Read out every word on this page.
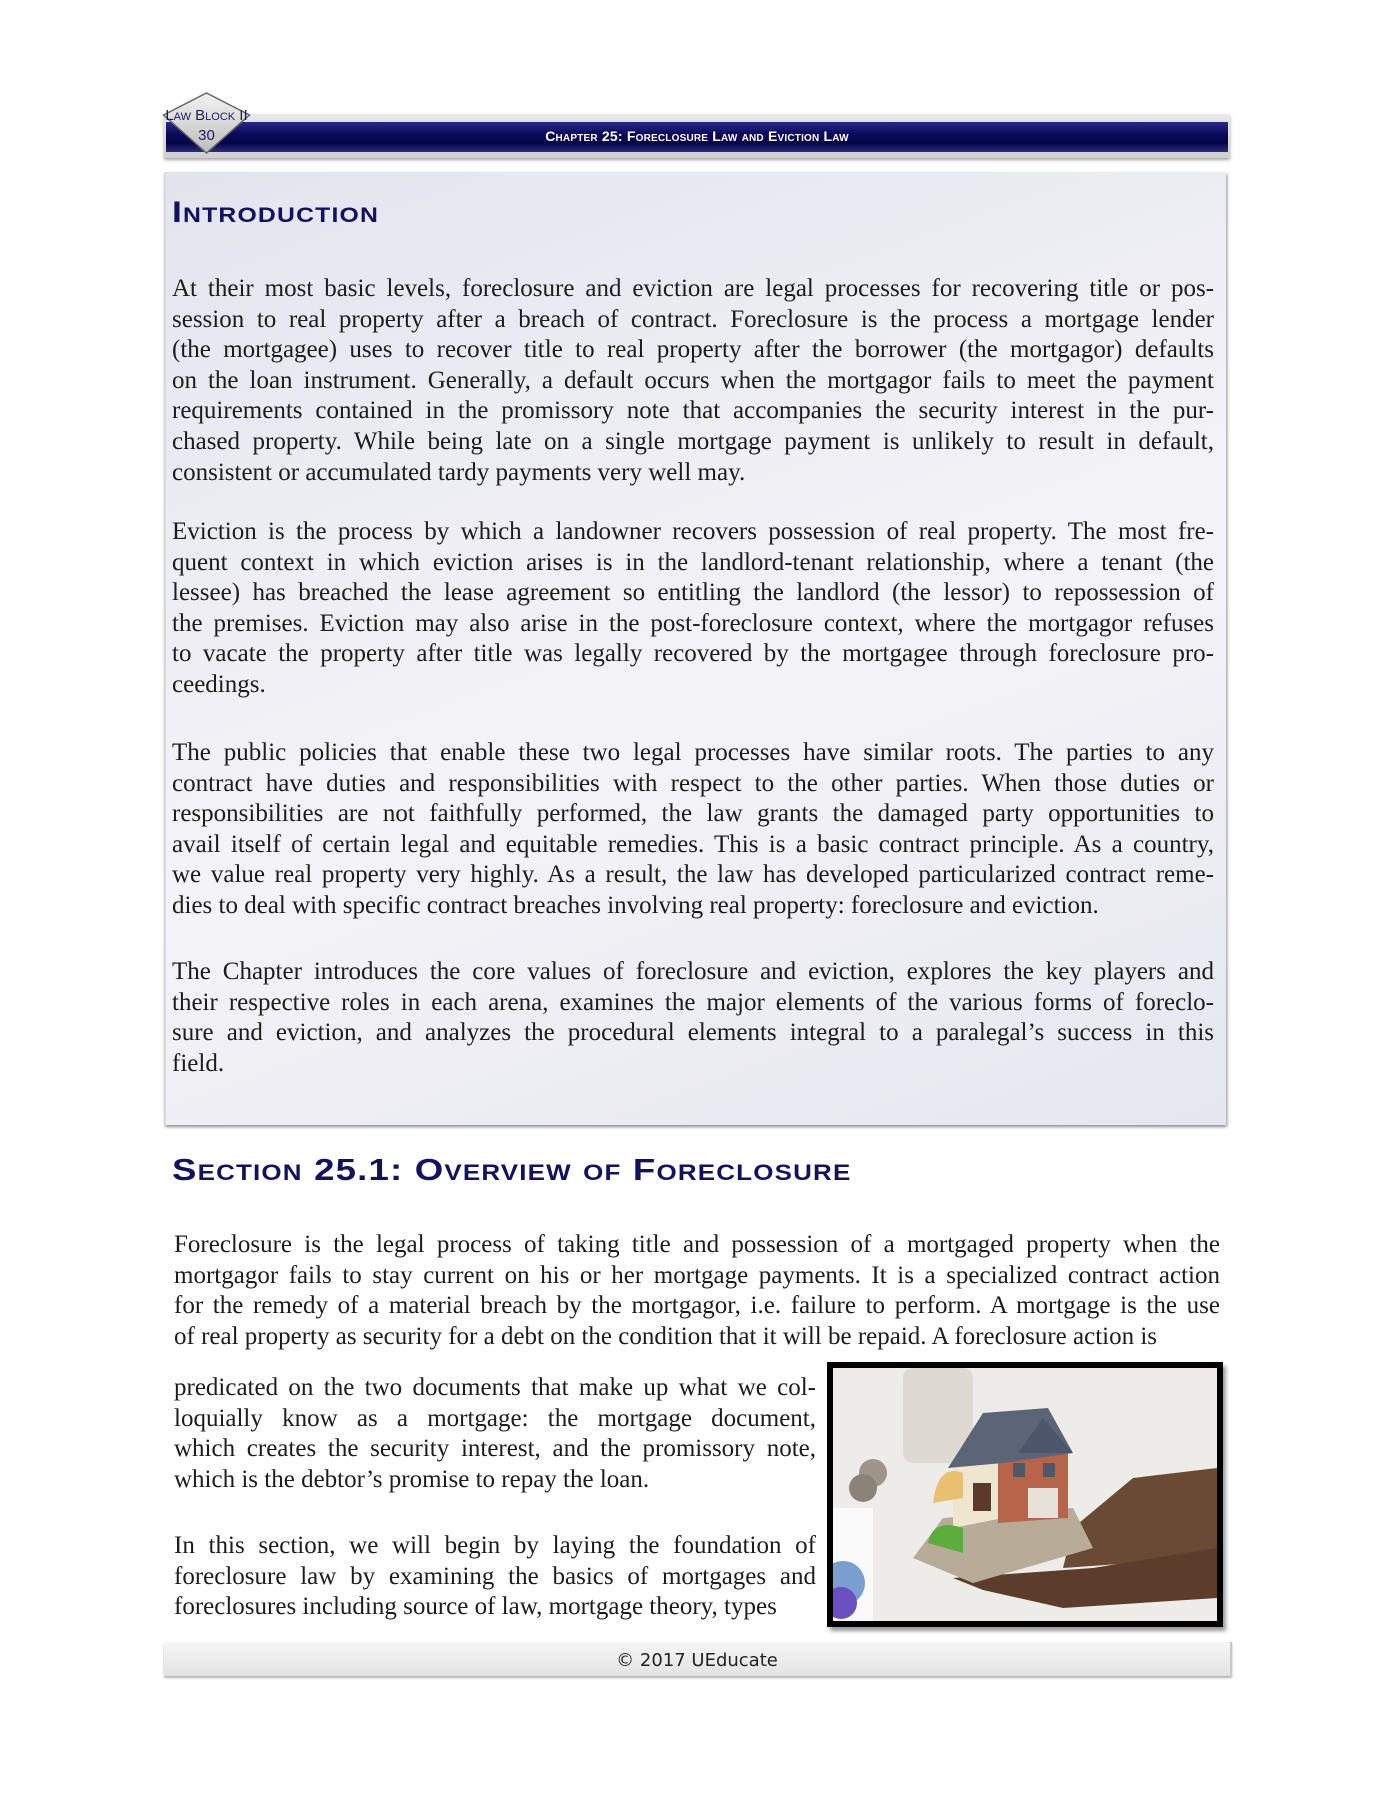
Chapter 25: Foreclosure Law and Eviction Law
Law Block II
30
Introduction
At their most basic levels, foreclosure and eviction are legal processes for recovering title or pos-
session to real property after a breach of contract. Foreclosure is the process a mortgage lender
(the mortgagee) uses to recover title to real property after the borrower (the mortgagor) defaults
on the loan instrument. Generally, a default occurs when the mortgagor fails to meet the payment
requirements contained in the promissory note that accompanies the security interest in the pur-
chased property. While being late on a single mortgage payment is unlikely to result in default,
consistent or accumulated tardy payments very well may.
Eviction is the process by which a landowner recovers possession of real property. The most fre-
quent context in which eviction arises is in the landlord-tenant relationship, where a tenant (the
lessee) has breached the lease agreement so entitling the landlord (the lessor) to repossession of
the premises. Eviction may also arise in the post-foreclosure context, where the mortgagor refuses
to vacate the property after title was legally recovered by the mortgagee through foreclosure pro-
ceedings.
The public policies that enable these two legal processes have similar roots. The parties to any
contract have duties and responsibilities with respect to the other parties. When those duties or
responsibilities are not faithfully performed, the law grants the damaged party opportunities to
avail itself of certain legal and equitable remedies. This is a basic contract principle. As a country,
we value real property very highly. As a result, the law has developed particularized contract reme-
dies to deal with specific contract breaches involving real property: foreclosure and eviction.
The Chapter introduces the core values of foreclosure and eviction, explores the key players and
their respective roles in each arena, examines the major elements of the various forms of foreclo-
sure and eviction, and analyzes the procedural elements integral to a paralegal’s success in this
field.
Section 25.1: Overview of Foreclosure
Foreclosure is the legal process of taking title and possession of a mortgaged property when the
mortgagor fails to stay current on his or her mortgage payments. It is a specialized contract action
for the remedy of a material breach by the mortgagor, i.e. failure to perform. A mortgage is the use
of real property as security for a debt on the condition that it will be repaid. A foreclosure action is
predicated on the two documents that make up what we col-
loquially know as a mortgage: the mortgage document,
which creates the security interest, and the promissory note,
which is the debtor’s promise to repay the loan.
In this section, we will begin by laying the foundation of
foreclosure law by examining the basics of mortgages and
foreclosures including source of law, mortgage theory, types
© 2017 UEducate
